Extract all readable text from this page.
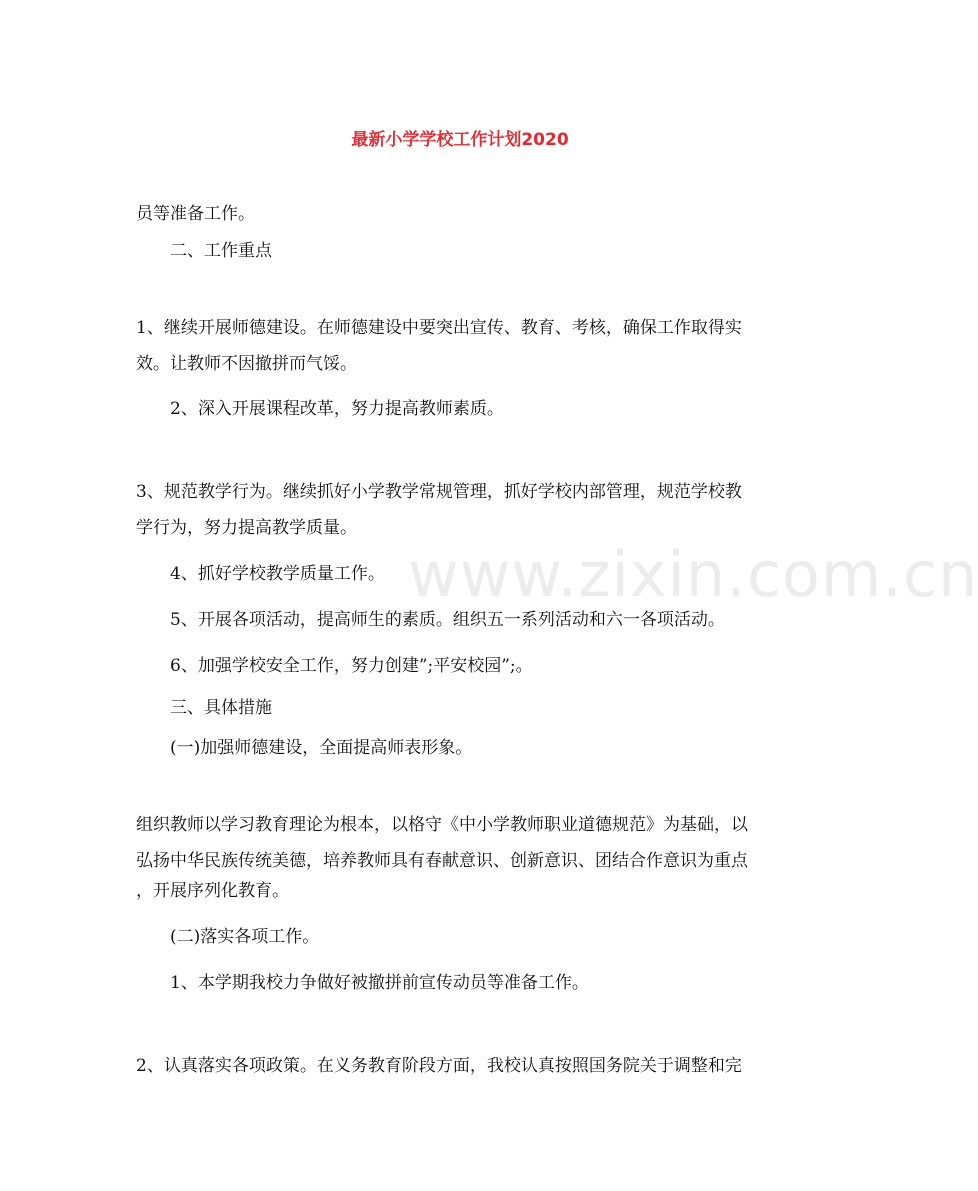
最新小学学校工作计划2020
www.zixin.com.cn
员等准备工作。
二、工作重点
1、继续开展师德建设。在师德建设中要突出宣传、教育、考核，确保工作取得实
效。让教师不因撤拼而气馁。
2、深入开展课程改革，努力提高教师素质。
3、规范教学行为。继续抓好小学教学常规管理，抓好学校内部管理，规范学校教
学行为，努力提高教学质量。
4、抓好学校教学质量工作。
5、开展各项活动，提高师生的素质。组织五一系列活动和六一各项活动。
6、加强学校安全工作，努力创建”;平安校园”;。
三、具体措施
(一)加强师德建设，全面提高师表形象。
组织教师以学习教育理论为根本，以格守《中小学教师职业道德规范》为基础，以
弘扬中华民族传统美德，培养教师具有春献意识、创新意识、团结合作意识为重点
，开展序列化教育。
(二)落实各项工作。
1、本学期我校力争做好被撤拼前宣传动员等准备工作。
2、认真落实各项政策。在义务教育阶段方面，我校认真按照国务院关于调整和完
